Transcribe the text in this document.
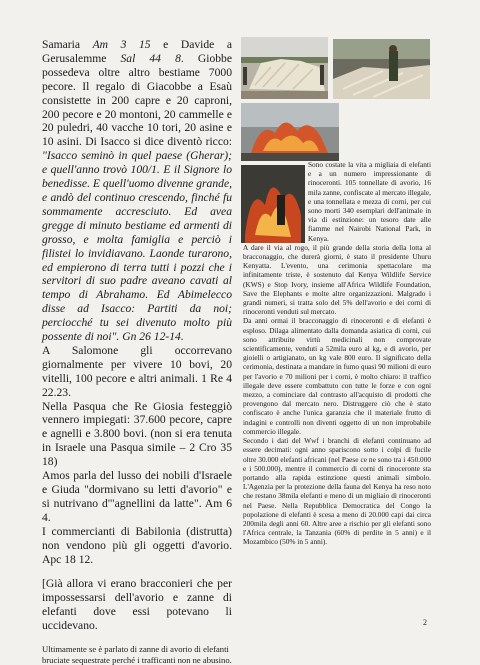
Samaria Am 3 15 e Davide a Gerusalemme Sal 44 8. Giobbe possedeva oltre altro bestiame 7000 pecore. Il regalo di Giacobbe a Esaù consistette in 200 capre e 20 caproni, 200 pecore e 20 montoni, 20 cammelle e 20 puledri, 40 vacche 10 tori, 20 asine e 10 asini. Di Isacco si dice diventò ricco: "Isacco seminò in quel paese (Gherar); e quell'anno trovò 100/1. E il Signore lo benedisse. E quell'uomo divenne grande, e andò del continuo crescendo, finché fu sommamente accresciuto. Ed avea gregge di minuto bestiame ed armenti di grosso, e molta famiglia e perciò i filistei lo invidiavano. Laonde turarono, ed empierono di terra tutti i pozzi che i servitori di suo padre aveano cavati al tempo di Abrahamo. Ed Abimelecco disse ad Isacco: Partiti da noi; perciocché tu sei divenuto molto più possente di noi". Gn 26 12-14.

A Salomone gli occorrevano giornalmente per vivere 10 bovi, 20 vitelli, 100 pecore e altri animali. 1 Re 4 22.23.

Nella Pasqua che Re Giosia festeggiò vennero impiegati: 37.600 pecore, capre e agnelli e 3.800 bovi. (non si era tenuta in Israele una Pasqua simile – 2 Cro 35 18)

Amos parla del lusso dei nobili d'Israele e Giuda "dormivano su letti d'avorio" e si nutrivano d'"agnellini da latte". Am 6 4.

I commercianti di Babilonia (distrutta) non vendono più gli oggetti d'avorio. Apc 18 12.

[Già allora vi erano bracconieri che per impossessarsi dell'avorio e zanne di elefanti dove essi potevano li uccidevano.

Ultimamente se è parlato di zanne di avorio di elefanti bruciate sequestrate perché i trafficanti non ne abusino.

Sono costate la vita a migliaia di elefanti e a un numero impressionante di rinoceronti. 105 tonnellate di avorio, 16 mila zanne, confiscate al mercato illegale, e una tonnellata e mezza di corni, per cui sono morti 340 esemplari dell'animale in via di estinzione: un tesoro date alle fiamme nel Nairobi National Park, in Kenya.

A dare il via al rogo, il più grande della storia della lotta al bracconaggio, che durerà giorni, è stato il presidente Uhuru Kenyatta. L'evento, una cerimonia spettacolare ma infinitamente triste, è sostenuto dal Kenya Wildlife Service (KWS) e Stop Ivory, insieme all'Africa Wildlife Foundation, Save the Elephants e molte altre organizzazioni. Malgrado i grandi numeri, si tratta solo del 5% dell'avorio e dei corni di rinoceronti venduti sul mercato.

Da anni ormai il bracconaggio di rinoceronti e di elefanti è esploso. Dilaga alimentato dalla domanda asiatica di corni, cui sono attribuite virtù medicinali non comprovate scientificamente, venduti a 52mila euro al kg, e di avorio, per gioielli o artigianato, un kg vale 800 euro. Il significato della cerimonia, destinata a mandare in fumo quasi 90 milioni di euro per l'avorio e 70 milioni per i corni, è molto chiaro: il traffico illegale deve essere combattuto con tutte le forze e con ogni mezzo, a cominciare dal contrasto all'acquisto di prodotti che provengono dal mercato nero. Distruggere ciò che è stato confiscato è anche l'unica garanzia che il materiale frutto di indagini e controlli non diventi oggetto di un non improbabile commercio illegale.

Secondo i dati del Wwf i branchi di elefanti continuano ad essere decimati: ogni anno spariscono sotto i colpi di fucile oltre 30.000 elefanti africani (nel Paese ce ne sono tra i 450.000 e i 500.000), mentre il commercio di corni di rinoceronte sta portando alla rapida estinzione questi animali simbolo. L'Agenzia per la protezione della fauna del Kenya ha reso noto che restano 38mila elefanti e meno di un migliaio di rinoceronti nel Paese. Nella Repubblica Democratica del Congo la popolazione di elefanti è scesa a meno di 20.000 capi dai circa 200mila degli anni 60. Altre aree a rischio per gli elefanti sono l'Africa centrale, la Tanzania (60% di perdite in 5 anni) e il Mozambico (50% in 5 anni).

2
